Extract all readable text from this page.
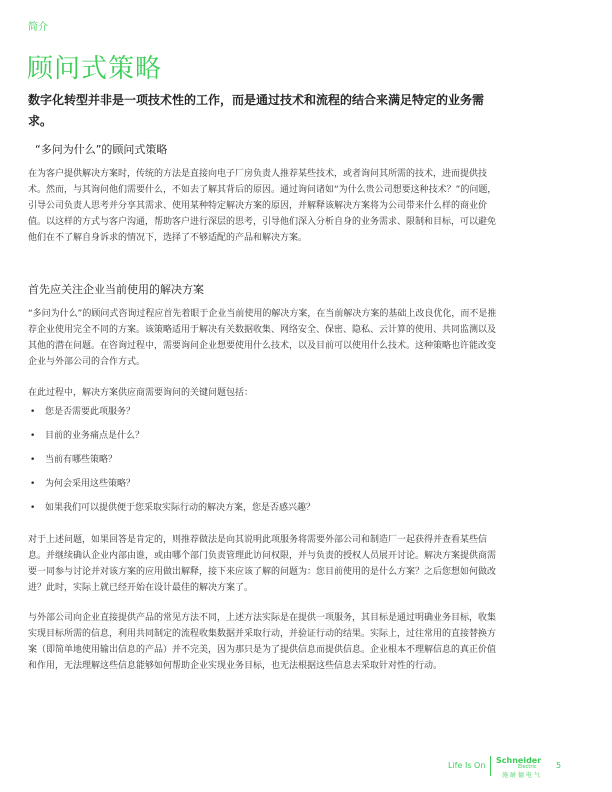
简介
顾问式策略

数字化转型并非是一项技术性的工作，而是通过技术和流程的结合来满足特定的业务需求。

“多问为什么”的顾问式策略

在为客户提供解决方案时，传统的方法是直接向电子厂房负责人推荐某些技术，或者询问其所需的技术，进而提供技术。然而，与其询问他们需要什么，不如去了解其背后的原因。通过询问诸如“为什么贵公司想要这种技术？”的问题，引导公司负责人思考并分享其需求、使用某种特定解决方案的原因，并解释该解决方案将为公司带来什么样的商业价值。以这样的方式与客户沟通，帮助客户进行深层的思考，引导他们深入分析自身的业务需求、限制和目标，可以避免他们在不了解自身诉求的情况下，选择了不够适配的产品和解决方案。

首先应关注企业当前使用的解决方案

“多问为什么”的顾问式咨询过程应首先着眼于企业当前使用的解决方案，在当前解决方案的基础上改良优化，而不是推荐企业使用完全不同的方案。该策略适用于解决有关数据收集、网络安全、保密、隐私、云计算的使用、共同监测以及其他的潜在问题。在咨询过程中，需要询问企业想要使用什么技术，以及目前可以使用什么技术。这种策略也许能改变企业与外部公司的合作方式。

在此过程中，解决方案供应商需要询问的关键问题包括：

• 您是否需要此项服务？
• 目前的业务痛点是什么？
• 当前有哪些策略？
• 为何会采用这些策略？
• 如果我们可以提供便于您采取实际行动的解决方案，您是否感兴趣？

对于上述问题，如果回答是肯定的，则推荐做法是向其说明此项服务将需要外部公司和制造厂一起获得并查看某些信息。并继续确认企业内部由谁，或由哪个部门负责管理此访问权限，并与负责的授权人员展开讨论。解决方案提供商需要一同参与讨论并对该方案的应用做出解释，接下来应该了解的问题为：您目前使用的是什么方案？之后您想如何做改进？此时，实际上就已经开始在设计最佳的解决方案了。

与外部公司向企业直接提供产品的常见方法不同，上述方法实际是在提供一项服务，其目标是通过明确业务目标，收集实现目标所需的信息，利用共同制定的流程收集数据并采取行动，并验证行动的结果。实际上，过往常用的直接替换方案（即简单地使用输出信息的产品）并不完美，因为那只是为了提供信息而提供信息。企业根本不理解信息的真正价值和作用，无法理解这些信息能够如何帮助企业实现业务目标，也无法根据这些信息去采取针对性的行动。

Life Is On
Schneider
Electric
施耐德电气
5
